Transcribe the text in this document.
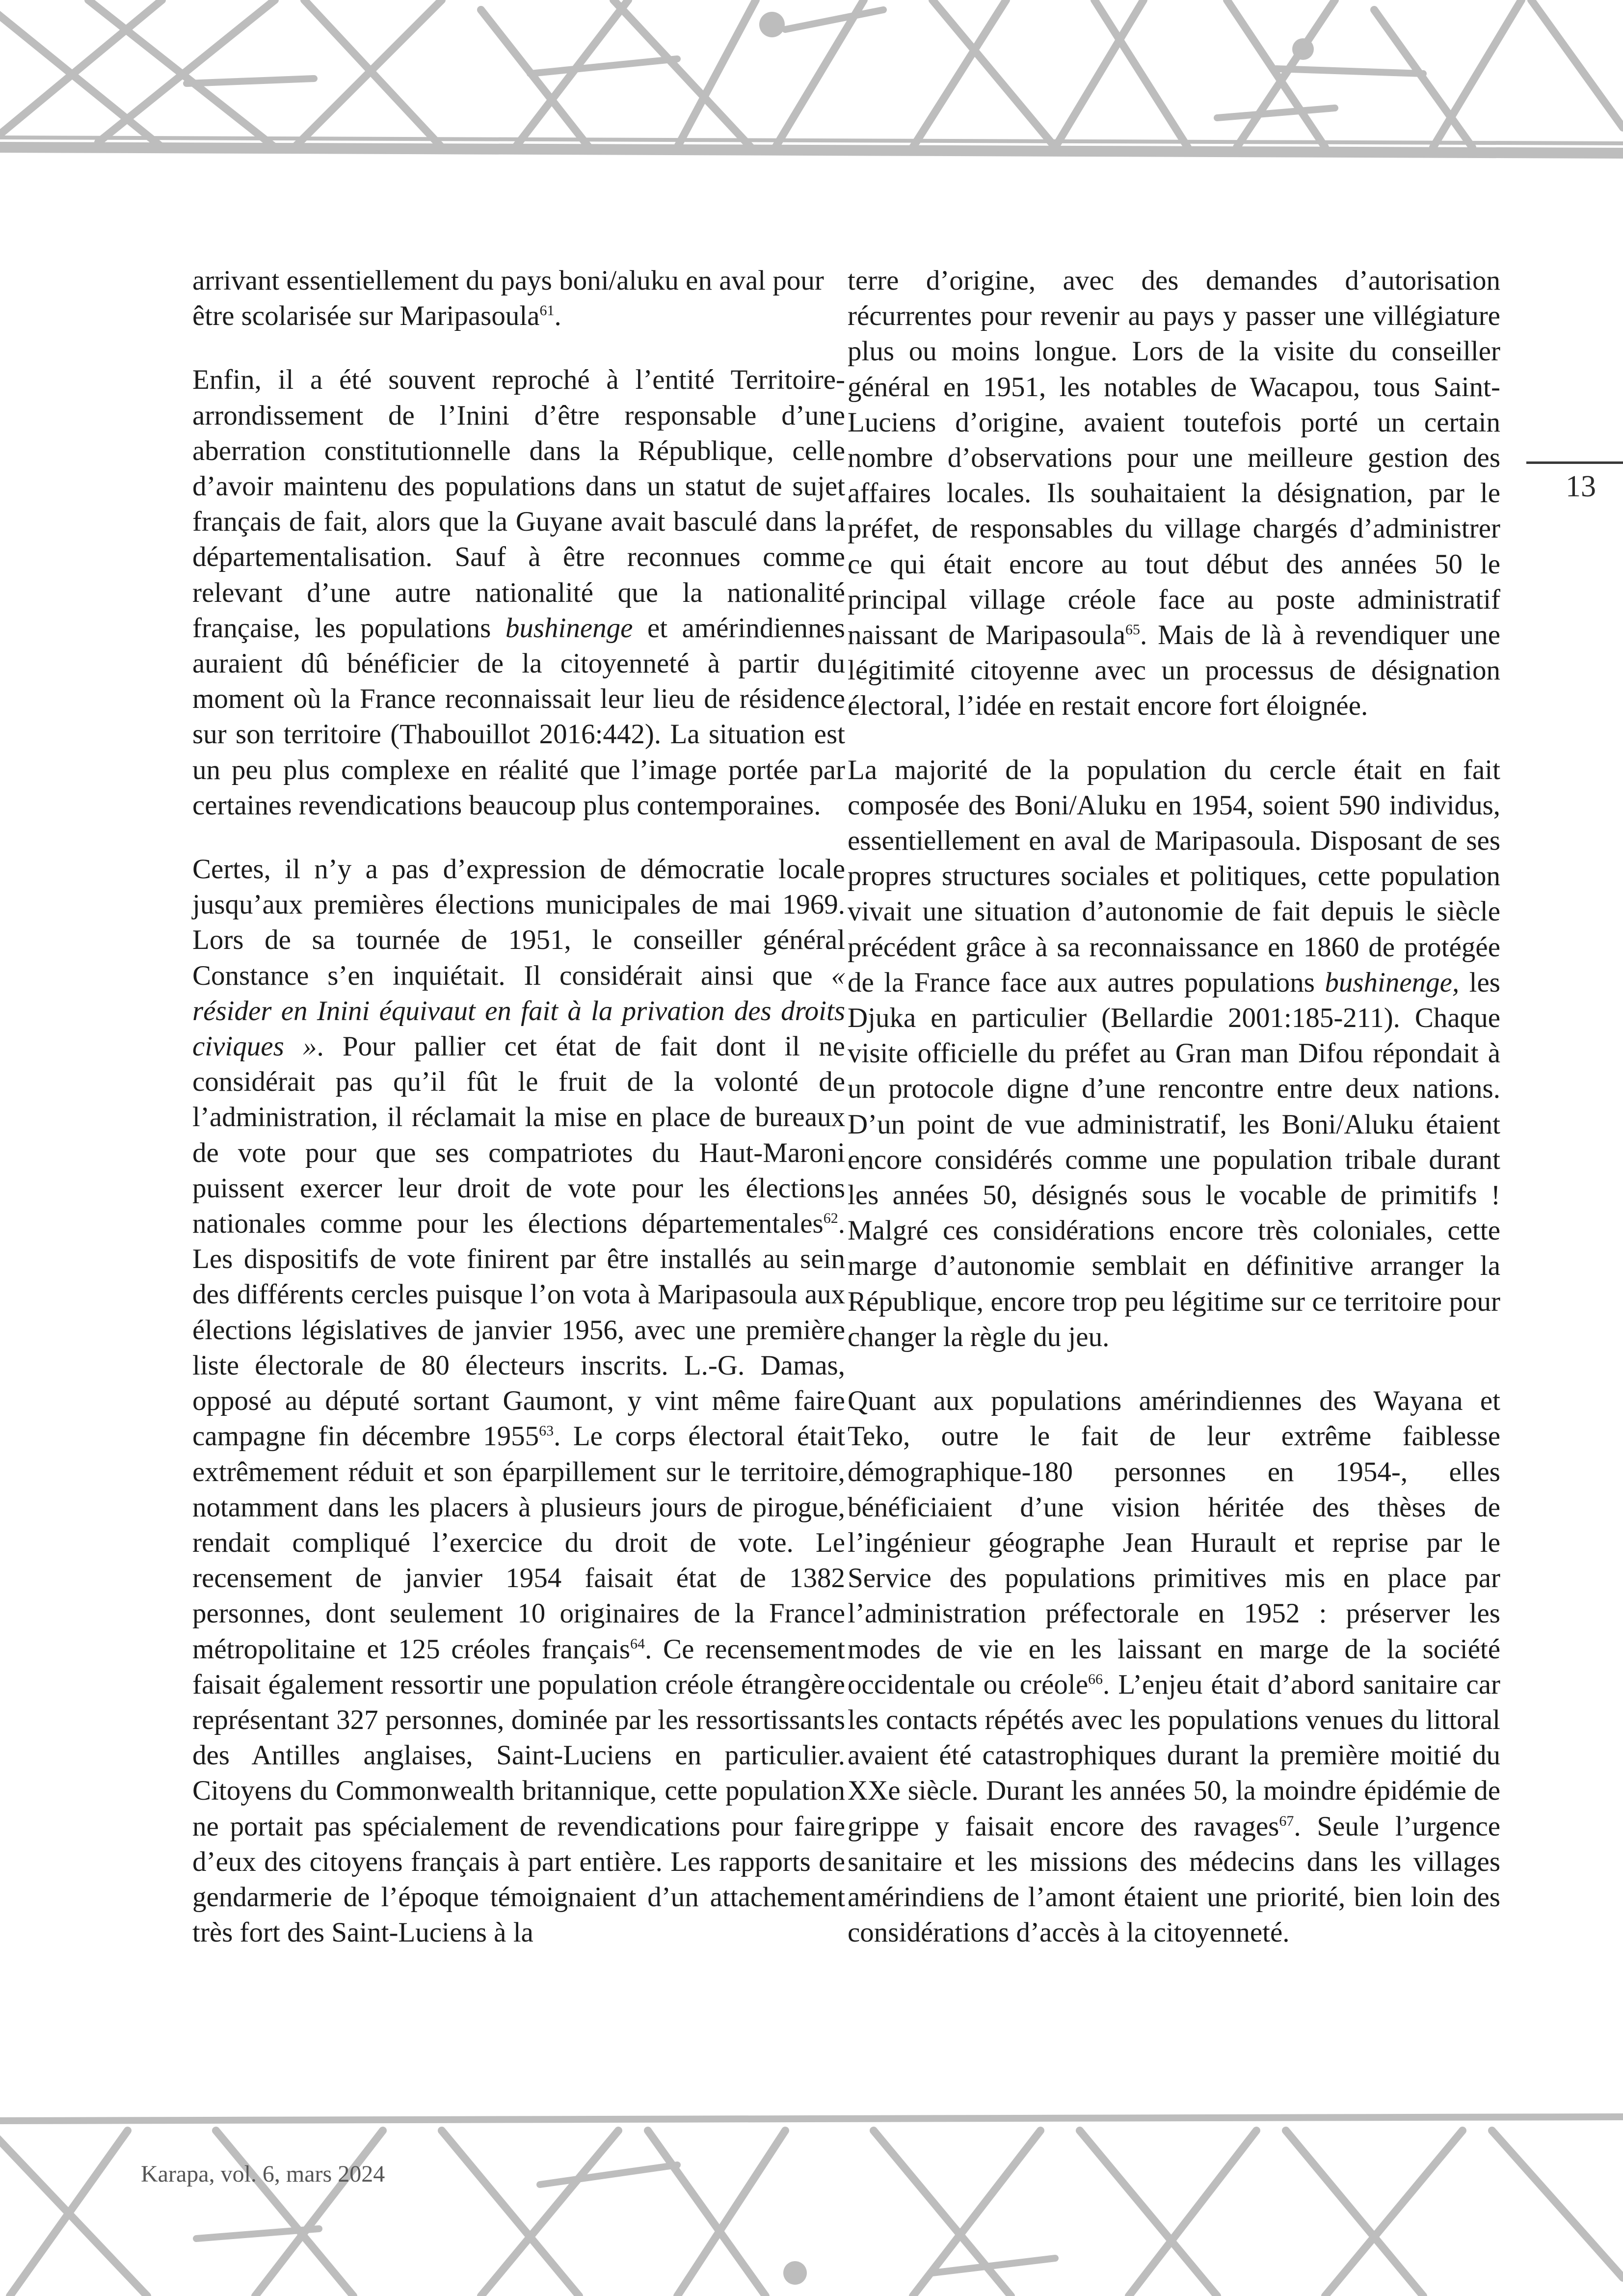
13

arrivant essentiellement du pays boni/aluku en aval pour être scolarisée sur Maripasoula$^{61}$.

Enfin, il a été souvent reproché à l’entité Territoire-arrondissement de l’Inini d’être responsable d’une aberration constitutionnelle dans la République, celle d’avoir maintenu des populations dans un statut de sujet français de fait, alors que la Guyane avait basculé dans la départementalisation. Sauf à être reconnues comme relevant d’une autre nationalité que la nationalité française, les populations bushinenge et amérindiennes auraient dû bénéficier de la citoyenneté à partir du moment où la France reconnaissait leur lieu de résidence sur son territoire (Thabouillot 2016:442). La situation est un peu plus complexe en réalité que l’image portée par certaines revendications beaucoup plus contemporaines.

Certes, il n’y a pas d’expression de démocratie locale jusqu’aux premières élections municipales de mai 1969. Lors de sa tournée de 1951, le conseiller général Constance s’en inquiétait. Il considérait ainsi que « résider en Inini équivaut en fait à la privation des droits civiques ». Pour pallier cet état de fait dont il ne considérait pas qu’il fût le fruit de la volonté de l’administration, il réclamait la mise en place de bureaux de vote pour que ses compatriotes du Haut-Maroni puissent exercer leur droit de vote pour les élections nationales comme pour les élections départementales$^{62}$. Les dispositifs de vote finirent par être installés au sein des différents cercles puisque l’on vota à Maripasoula aux élections législatives de janvier 1956, avec une première liste électorale de 80 électeurs inscrits. L.-G. Damas, opposé au député sortant Gaumont, y vint même faire campagne fin décembre 1955$^{63}$. Le corps électoral était extrêmement réduit et son éparpillement sur le territoire, notamment dans les placers à plusieurs jours de pirogue, rendait compliqué l’exercice du droit de vote. Le recensement de janvier 1954 faisait état de 1382 personnes, dont seulement 10 originaires de la France métropolitaine et 125 créoles français$^{64}$. Ce recensement faisait également ressortir une population créole étrangère représentant 327 personnes, dominée par les ressortissants des Antilles anglaises, Saint-Luciens en particulier. Citoyens du Commonwealth britannique, cette population ne portait pas spécialement de revendications pour faire d’eux des citoyens français à part entière. Les rapports de gendarmerie de l’époque témoignaient d’un attachement très fort des Saint-Luciens à la

terre d’origine, avec des demandes d’autorisation récurrentes pour revenir au pays y passer une villégiature plus ou moins longue. Lors de la visite du conseiller général en 1951, les notables de Wacapou, tous Saint-Luciens d’origine, avaient toutefois porté un certain nombre d’observations pour une meilleure gestion des affaires locales. Ils souhaitaient la désignation, par le préfet, de responsables du village chargés d’administrer ce qui était encore au tout début des années 50 le principal village créole face au poste administratif naissant de Maripasoula$^{65}$. Mais de là à revendiquer une légitimité citoyenne avec un processus de désignation électoral, l’idée en restait encore fort éloignée.

La majorité de la population du cercle était en fait composée des Boni/Aluku en 1954, soient 590 individus, essentiellement en aval de Maripasoula. Disposant de ses propres structures sociales et politiques, cette population vivait une situation d’autonomie de fait depuis le siècle précédent grâce à sa reconnaissance en 1860 de protégée de la France face aux autres populations bushinenge, les Djuka en particulier (Bellardie 2001:185-211). Chaque visite officielle du préfet au Gran man Difou répondait à un protocole digne d’une rencontre entre deux nations. D’un point de vue administratif, les Boni/Aluku étaient encore considérés comme une population tribale durant les années 50, désignés sous le vocable de primitifs ! Malgré ces considérations encore très coloniales, cette marge d’autonomie semblait en définitive arranger la République, encore trop peu légitime sur ce territoire pour changer la règle du jeu.

Quant aux populations amérindiennes des Wayana et Teko, outre le fait de leur extrême faiblesse démographique-180 personnes en 1954-, elles bénéficiaient d’une vision héritée des thèses de l’ingénieur géographe Jean Hurault et reprise par le Service des populations primitives mis en place par l’administration préfectorale en 1952 : préserver les modes de vie en les laissant en marge de la société occidentale ou créole$^{66}$. L’enjeu était d’abord sanitaire car les contacts répétés avec les populations venues du littoral avaient été catastrophiques durant la première moitié du XXe siècle. Durant les années 50, la moindre épidémie de grippe y faisait encore des ravages$^{67}$. Seule l’urgence sanitaire et les missions des médecins dans les villages amérindiens de l’amont étaient une priorité, bien loin des considérations d’accès à la citoyenneté.

Karapa, vol. 6, mars 2024
